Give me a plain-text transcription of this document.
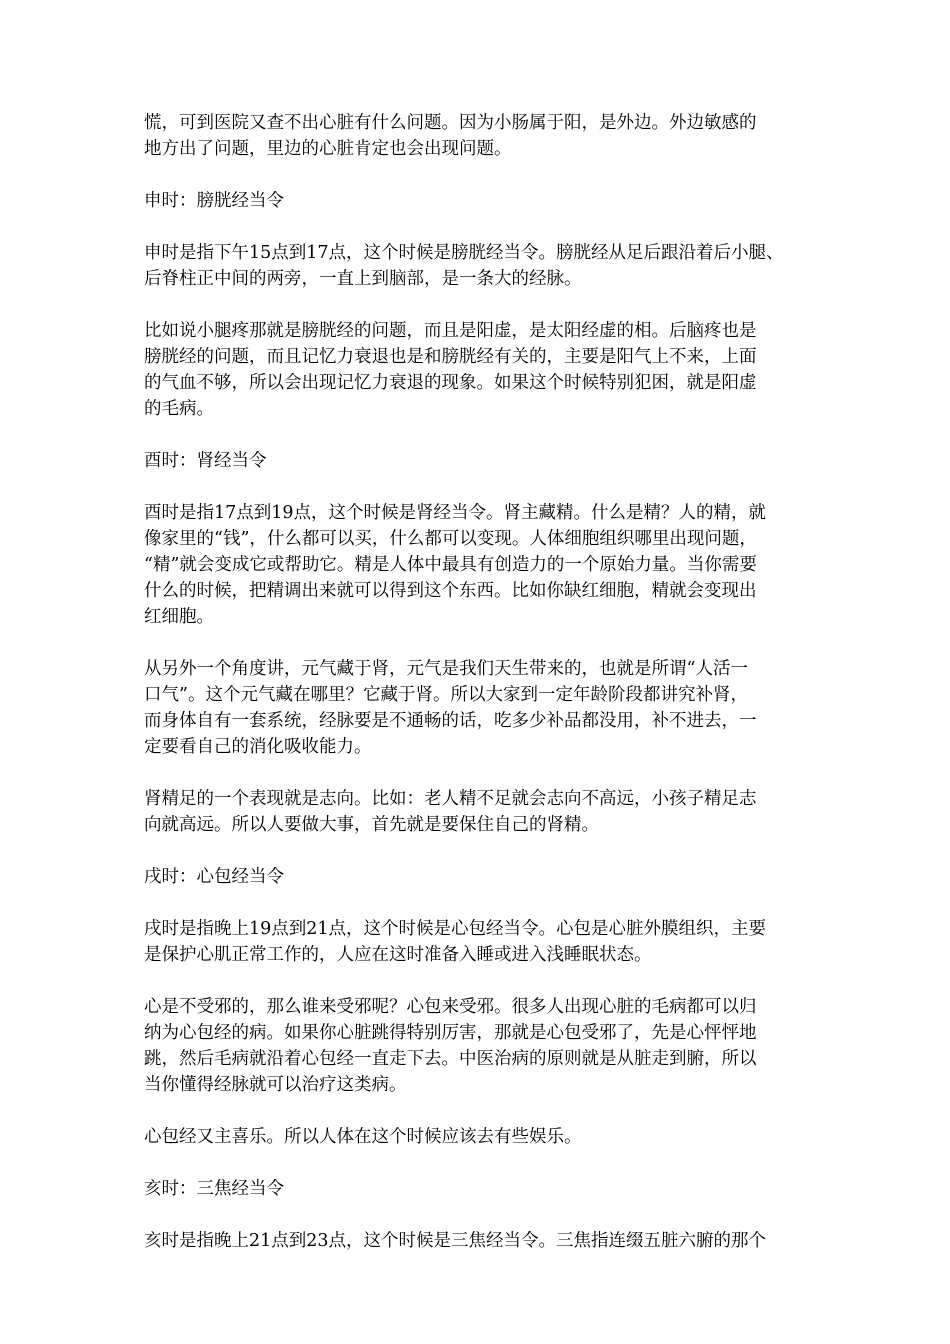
慌，可到医院又查不出心脏有什么问题。因为小肠属于阳，是外边。外边敏感的
地方出了问题，里边的心脏肯定也会出现问题。

申时：膀胱经当令

申时是指下午15点到17点，这个时候是膀胱经当令。膀胱经从足后跟沿着后小腿、
后脊柱正中间的两旁，一直上到脑部，是一条大的经脉。

比如说小腿疼那就是膀胱经的问题，而且是阳虚，是太阳经虚的相。后脑疼也是
膀胱经的问题，而且记忆力衰退也是和膀胱经有关的，主要是阳气上不来，上面
的气血不够，所以会出现记忆力衰退的现象。如果这个时候特别犯困，就是阳虚
的毛病。

酉时：肾经当令

酉时是指17点到19点，这个时候是肾经当令。肾主藏精。什么是精？人的精，就
像家里的“钱”，什么都可以买，什么都可以变现。人体细胞组织哪里出现问题，
“精”就会变成它或帮助它。精是人体中最具有创造力的一个原始力量。当你需要
什么的时候，把精调出来就可以得到这个东西。比如你缺红细胞，精就会变现出
红细胞。

从另外一个角度讲，元气藏于肾，元气是我们天生带来的，也就是所谓“人活一
口气”。这个元气藏在哪里？它藏于肾。所以大家到一定年龄阶段都讲究补肾，
而身体自有一套系统，经脉要是不通畅的话，吃多少补品都没用，补不进去，一
定要看自己的消化吸收能力。

肾精足的一个表现就是志向。比如：老人精不足就会志向不高远，小孩子精足志
向就高远。所以人要做大事，首先就是要保住自己的肾精。

戌时：心包经当令

戌时是指晚上19点到21点，这个时候是心包经当令。心包是心脏外膜组织，主要
是保护心肌正常工作的，人应在这时准备入睡或进入浅睡眠状态。

心是不受邪的，那么谁来受邪呢？心包来受邪。很多人出现心脏的毛病都可以归
纳为心包经的病。如果你心脏跳得特别厉害，那就是心包受邪了，先是心怦怦地
跳，然后毛病就沿着心包经一直走下去。中医治病的原则就是从脏走到腑，所以
当你懂得经脉就可以治疗这类病。

心包经又主喜乐。所以人体在这个时候应该去有些娱乐。

亥时：三焦经当令

亥时是指晚上21点到23点，这个时候是三焦经当令。三焦指连缀五脏六腑的那个
